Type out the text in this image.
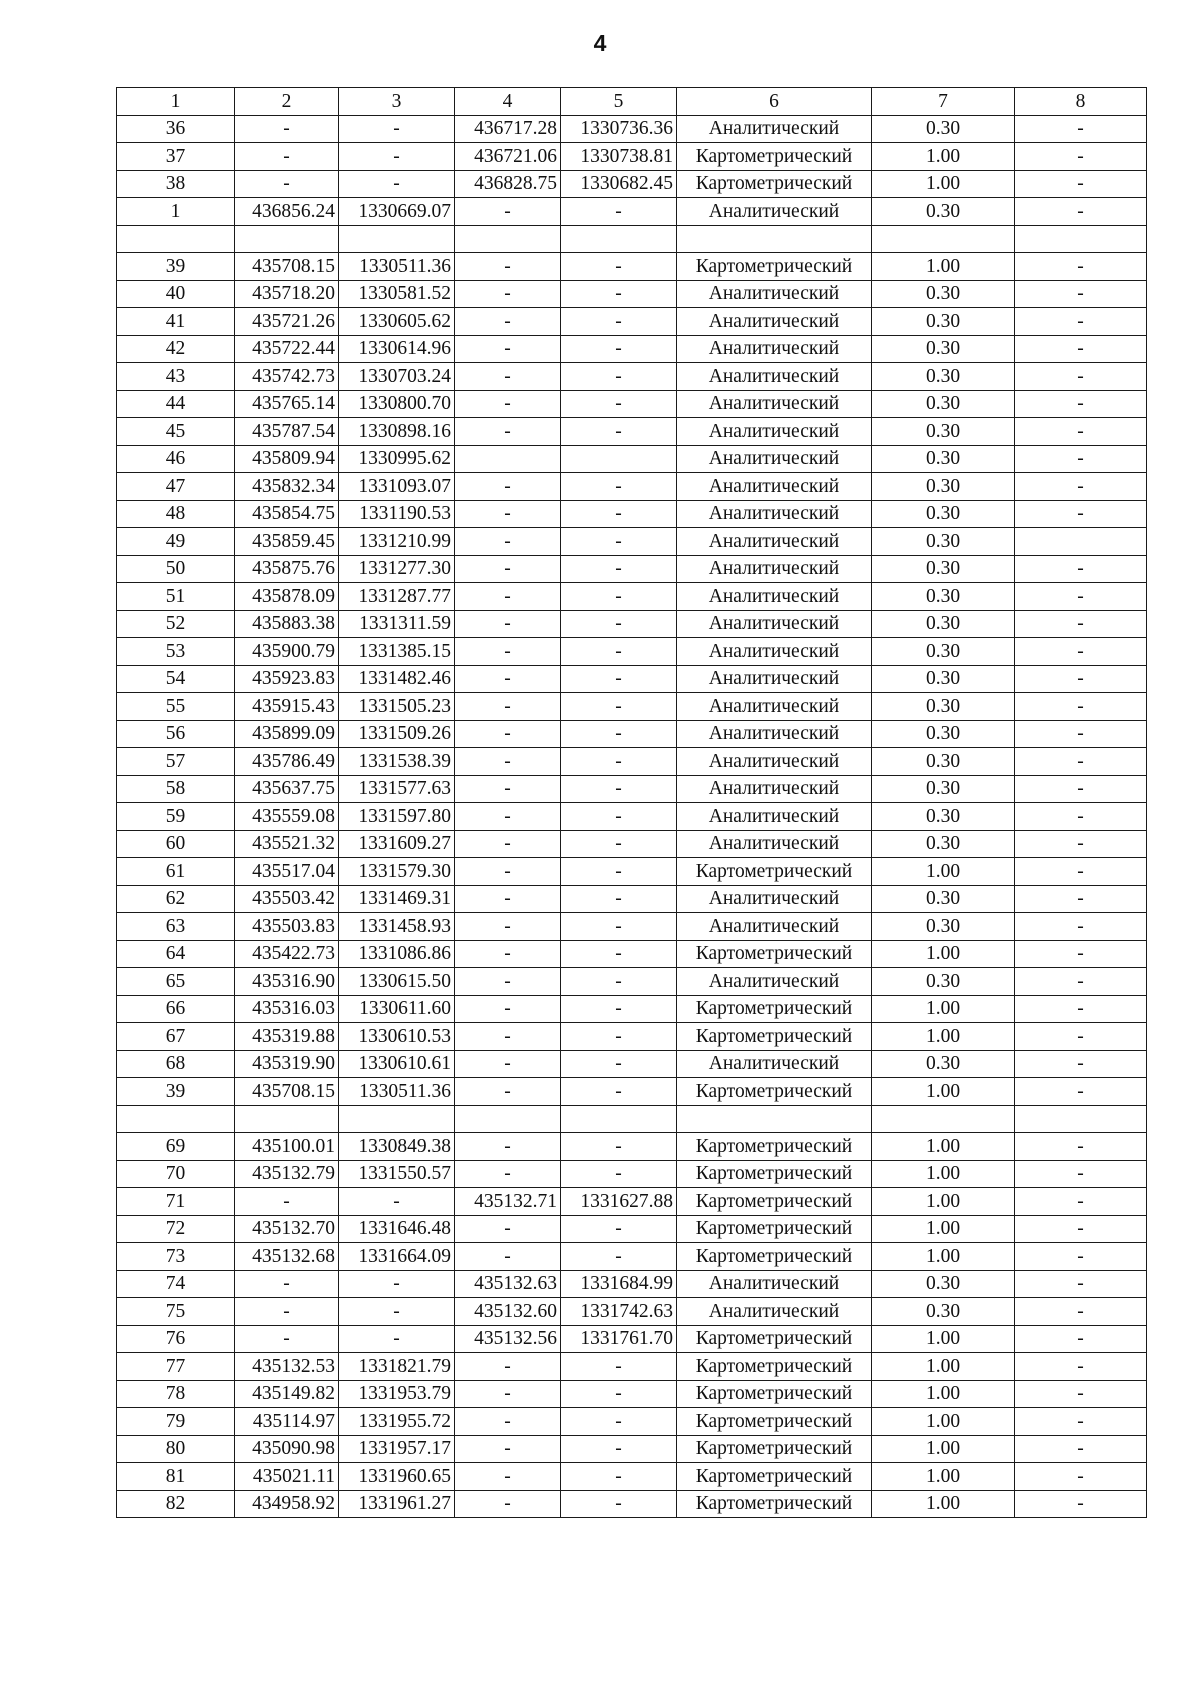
4
1	2	3	4	5	6	7	8
36	-	-	436717.28	1330736.36	Аналитический	0.30	-
37	-	-	436721.06	1330738.81	Картометрический	1.00	-
38	-	-	436828.75	1330682.45	Картометрический	1.00	-
1	436856.24	1330669.07	-	-	Аналитический	0.30	-

39	435708.15	1330511.36	-	-	Картометрический	1.00	-
40	435718.20	1330581.52	-	-	Аналитический	0.30	-
41	435721.26	1330605.62	-	-	Аналитический	0.30	-
42	435722.44	1330614.96	-	-	Аналитический	0.30	-
43	435742.73	1330703.24	-	-	Аналитический	0.30	-
44	435765.14	1330800.70	-	-	Аналитический	0.30	-
45	435787.54	1330898.16	-	-	Аналитический	0.30	-
46	435809.94	1330995.62			Аналитический	0.30	-
47	435832.34	1331093.07	-	-	Аналитический	0.30	-
48	435854.75	1331190.53	-	-	Аналитический	0.30	-
49	435859.45	1331210.99	-	-	Аналитический	0.30	
50	435875.76	1331277.30	-	-	Аналитический	0.30	-
51	435878.09	1331287.77	-	-	Аналитический	0.30	-
52	435883.38	1331311.59	-	-	Аналитический	0.30	-
53	435900.79	1331385.15	-	-	Аналитический	0.30	-
54	435923.83	1331482.46	-	-	Аналитический	0.30	-
55	435915.43	1331505.23	-	-	Аналитический	0.30	-
56	435899.09	1331509.26	-	-	Аналитический	0.30	-
57	435786.49	1331538.39	-	-	Аналитический	0.30	-
58	435637.75	1331577.63	-	-	Аналитический	0.30	-
59	435559.08	1331597.80	-	-	Аналитический	0.30	-
60	435521.32	1331609.27	-	-	Аналитический	0.30	-
61	435517.04	1331579.30	-	-	Картометрический	1.00	-
62	435503.42	1331469.31	-	-	Аналитический	0.30	-
63	435503.83	1331458.93	-	-	Аналитический	0.30	-
64	435422.73	1331086.86	-	-	Картометрический	1.00	-
65	435316.90	1330615.50	-	-	Аналитический	0.30	-
66	435316.03	1330611.60	-	-	Картометрический	1.00	-
67	435319.88	1330610.53	-	-	Картометрический	1.00	-
68	435319.90	1330610.61	-	-	Аналитический	0.30	-
39	435708.15	1330511.36	-	-	Картометрический	1.00	-

69	435100.01	1330849.38	-	-	Картометрический	1.00	-
70	435132.79	1331550.57	-	-	Картометрический	1.00	-
71	-	-	435132.71	1331627.88	Картометрический	1.00	-
72	435132.70	1331646.48	-	-	Картометрический	1.00	-
73	435132.68	1331664.09	-	-	Картометрический	1.00	-
74	-	-	435132.63	1331684.99	Аналитический	0.30	-
75	-	-	435132.60	1331742.63	Аналитический	0.30	-
76	-	-	435132.56	1331761.70	Картометрический	1.00	-
77	435132.53	1331821.79	-	-	Картометрический	1.00	-
78	435149.82	1331953.79	-	-	Картометрический	1.00	-
79	435114.97	1331955.72	-	-	Картометрический	1.00	-
80	435090.98	1331957.17	-	-	Картометрический	1.00	-
81	435021.11	1331960.65	-	-	Картометрический	1.00	-
82	434958.92	1331961.27	-	-	Картометрический	1.00	-
